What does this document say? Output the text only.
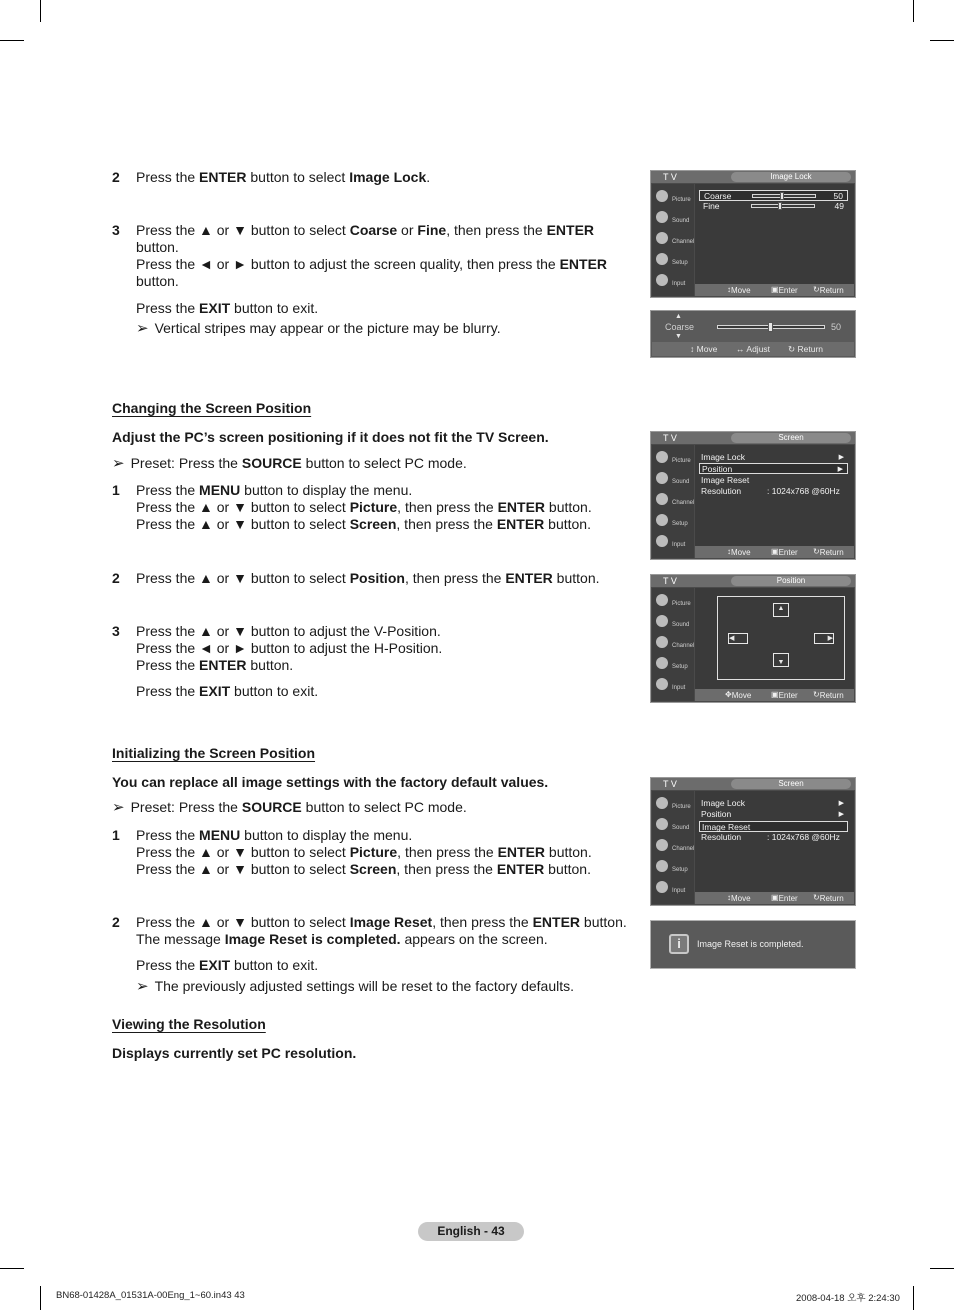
2 Press the ENTER button to select Image Lock.
3 Press the ▲ or ▼ button to select Coarse or Fine, then press the ENTER
button.
Press the ◄ or ► button to adjust the screen quality, then press the ENTER
button.
Press the EXIT button to exit.
➢ Vertical stripes may appear or the picture may be blurry.
Changing the Screen Position
Adjust the PC’s screen positioning if it does not fit the TV Screen.
➢ Preset: Press the SOURCE button to select PC mode.
1 Press the MENU button to display the menu.
Press the ▲ or ▼ button to select Picture, then press the ENTER button.
Press the ▲ or ▼ button to select Screen, then press the ENTER button.
2 Press the ▲ or ▼ button to select Position, then press the ENTER button.
3 Press the ▲ or ▼ button to adjust the V-Position.
Press the ◄ or ► button to adjust the H-Position.
Press the ENTER button.
Press the EXIT button to exit.
Initializing the Screen Position
You can replace all image settings with the factory default values.
➢ Preset: Press the SOURCE button to select PC mode.
1 Press the MENU button to display the menu.
Press the ▲ or ▼ button to select Picture, then press the ENTER button.
Press the ▲ or ▼ button to select Screen, then press the ENTER button.
2 Press the ▲ or ▼ button to select Image Reset, then press the ENTER button.
The message Image Reset is completed. appears on the screen.
Press the EXIT button to exit.
➢ The previously adjusted settings will be reset to the factory defaults.
Viewing the Resolution
Displays currently set PC resolution.
T V	Image Lock
Picture
Sound
Channel
Setup
Input
Coarse	50
Fine	49
↕ Move	▣ Enter ↻ Return
▲
Coarse
▼
50
↕ Move ↔ Adjust ↻ Return
T V	Screen
Picture
Sound
Channel
Setup
Input
Image Lock	▶
Position	▶
Image Reset
Resolution	: 1024x768 @60Hz
↕ Move	▣ Enter ↻ Return
T V	Position
Picture
Sound
Channel
Setup
Input
▲
▼
◀	▶
✥ Move ▣ Enter ↻ Return
T V	Screen
Picture
Sound
Channel
Setup
Input
Image Lock	▶
Position	▶
Image Reset
Resolution	: 1024x768 @60Hz
↕ Move	▣ Enter ↻ Return
i	Image Reset is completed.
English - 43
BN68-01428A_01531A-00Eng_1~60.in43 43	2008-04-18 오후 2:24:30
